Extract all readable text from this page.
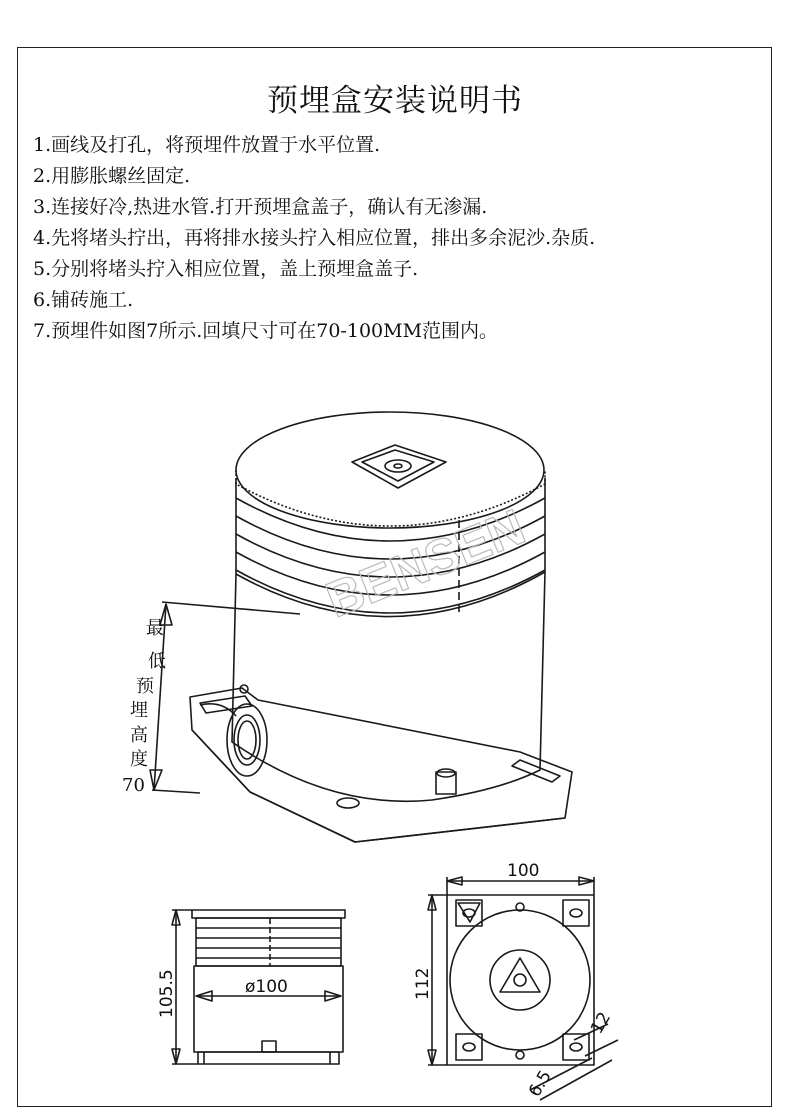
预埋盒安装说明书
1.画线及打孔，将预埋件放置于水平位置.
2.用膨胀螺丝固定.
3.连接好冷,热进水管.打开预埋盒盖子，确认有无渗漏.
4.先将堵头拧出，再将排水接头拧入相应位置，排出多余泥沙.杂质.
5.分别将堵头拧入相应位置，盖上预埋盒盖子.
6.铺砖施工.
7.预埋件如图7所示.回填尺寸可在70-100MM范围内。
BENSEN
最
低
预
埋
高
度
70
ø100
105.5
100
112
12
6.5
